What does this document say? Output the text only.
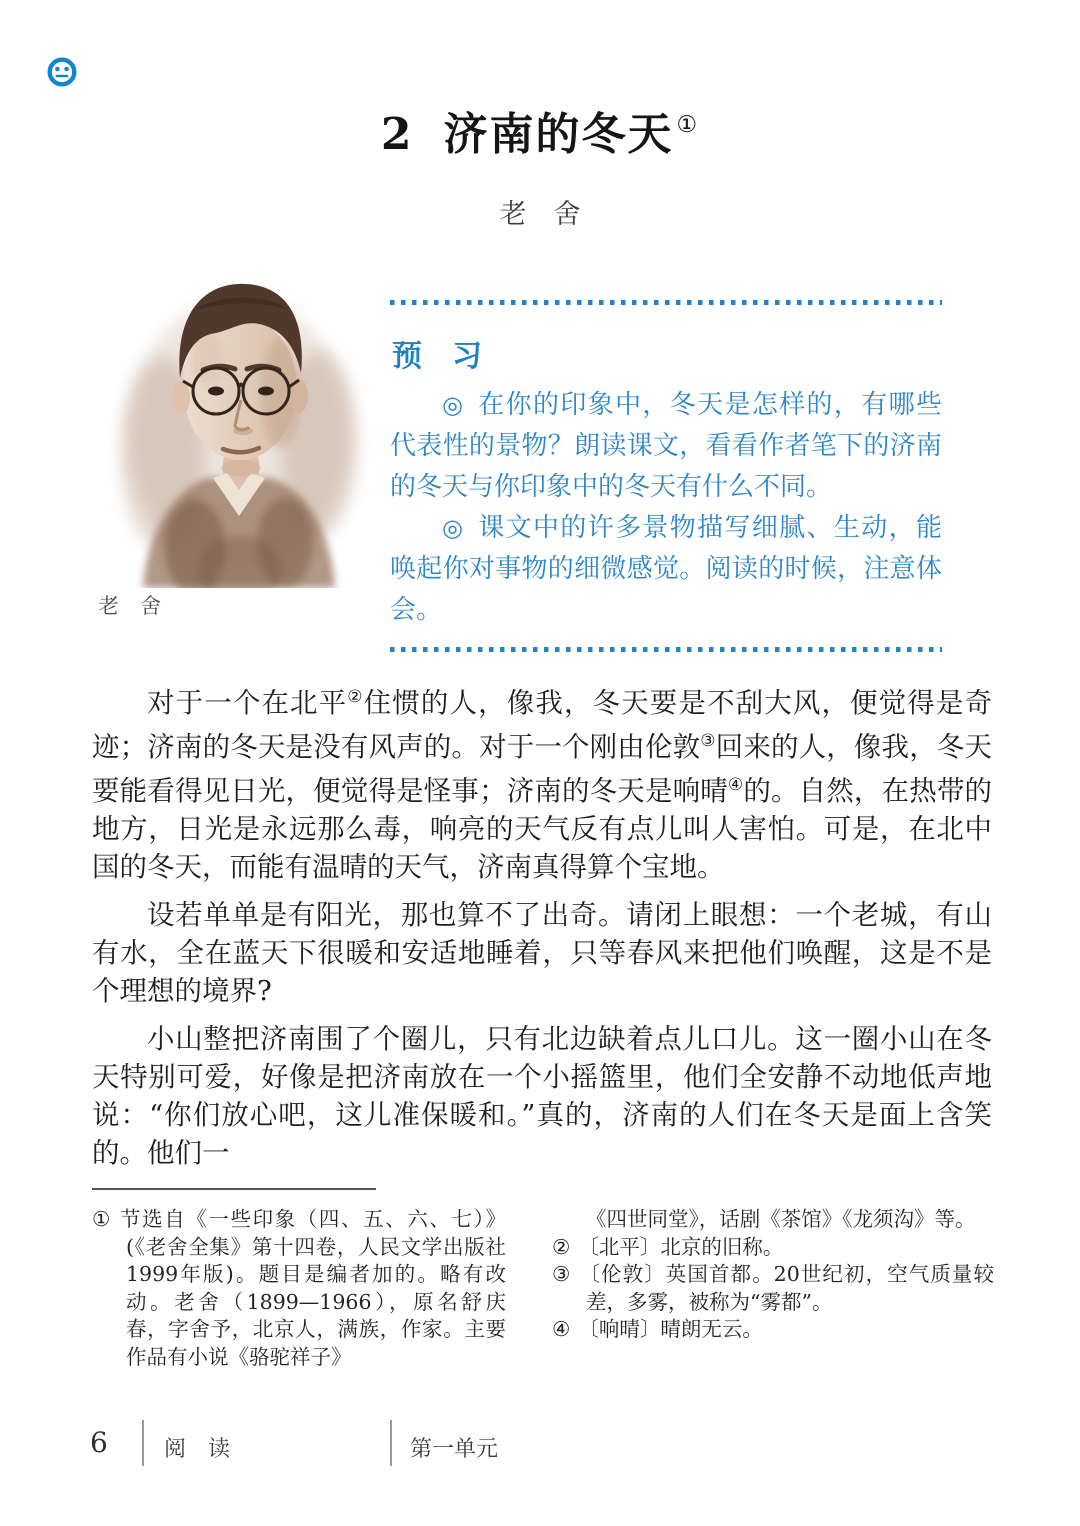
2 济南的冬天 ①
老　舍
老　舍
预　习

◎ 在你的印象中，冬天是怎样的，有哪些代表性的景物？朗读课文，看看作者笔下的济南的冬天与你印象中的冬天有什么不同。

◎ 课文中的许多景物描写细腻、生动，能唤起你对事物的细微感觉。阅读的时候，注意体会。

对于一个在北平②住惯的人，像我，冬天要是不刮大风，便觉得是奇迹；济南的冬天是没有风声的。对于一个刚由伦敦③回来的人，像我，冬天要能看得见日光，便觉得是怪事；济南的冬天是响晴④的。自然，在热带的地方，日光是永远那么毒，响亮的天气反有点儿叫人害怕。可是，在北中国的冬天，而能有温晴的天气，济南真得算个宝地。

设若单单是有阳光，那也算不了出奇。请闭上眼想：一个老城，有山有水，全在蓝天下很暖和安适地睡着，只等春风来把他们唤醒，这是不是个理想的境界?

小山整把济南围了个圈儿，只有北边缺着点儿口儿。这一圈小山在冬天特别可爱，好像是把济南放在一个小摇篮里，他们全安静不动地低声地说：“你们放心吧，这儿准保暖和。”真的，济南的人们在冬天是面上含笑的。他们一

① 节选自《一些印象（四、五、六、七）》(《老舍全集》第十四卷，人民文学出版社1999年版)。题目是编者加的。略有改动。老舍（1899—1966），原名舒庆春，字舍予，北京人，满族，作家。主要作品有小说《骆驼祥子》

《四世同堂》，话剧《茶馆》《龙须沟》等。

② 〔北平〕北京的旧称。

③ 〔伦敦〕英国首都。20世纪初，空气质量较差，多雾，被称为“雾都”。

④ 〔响晴〕晴朗无云。

6	阅　读	第一单元
